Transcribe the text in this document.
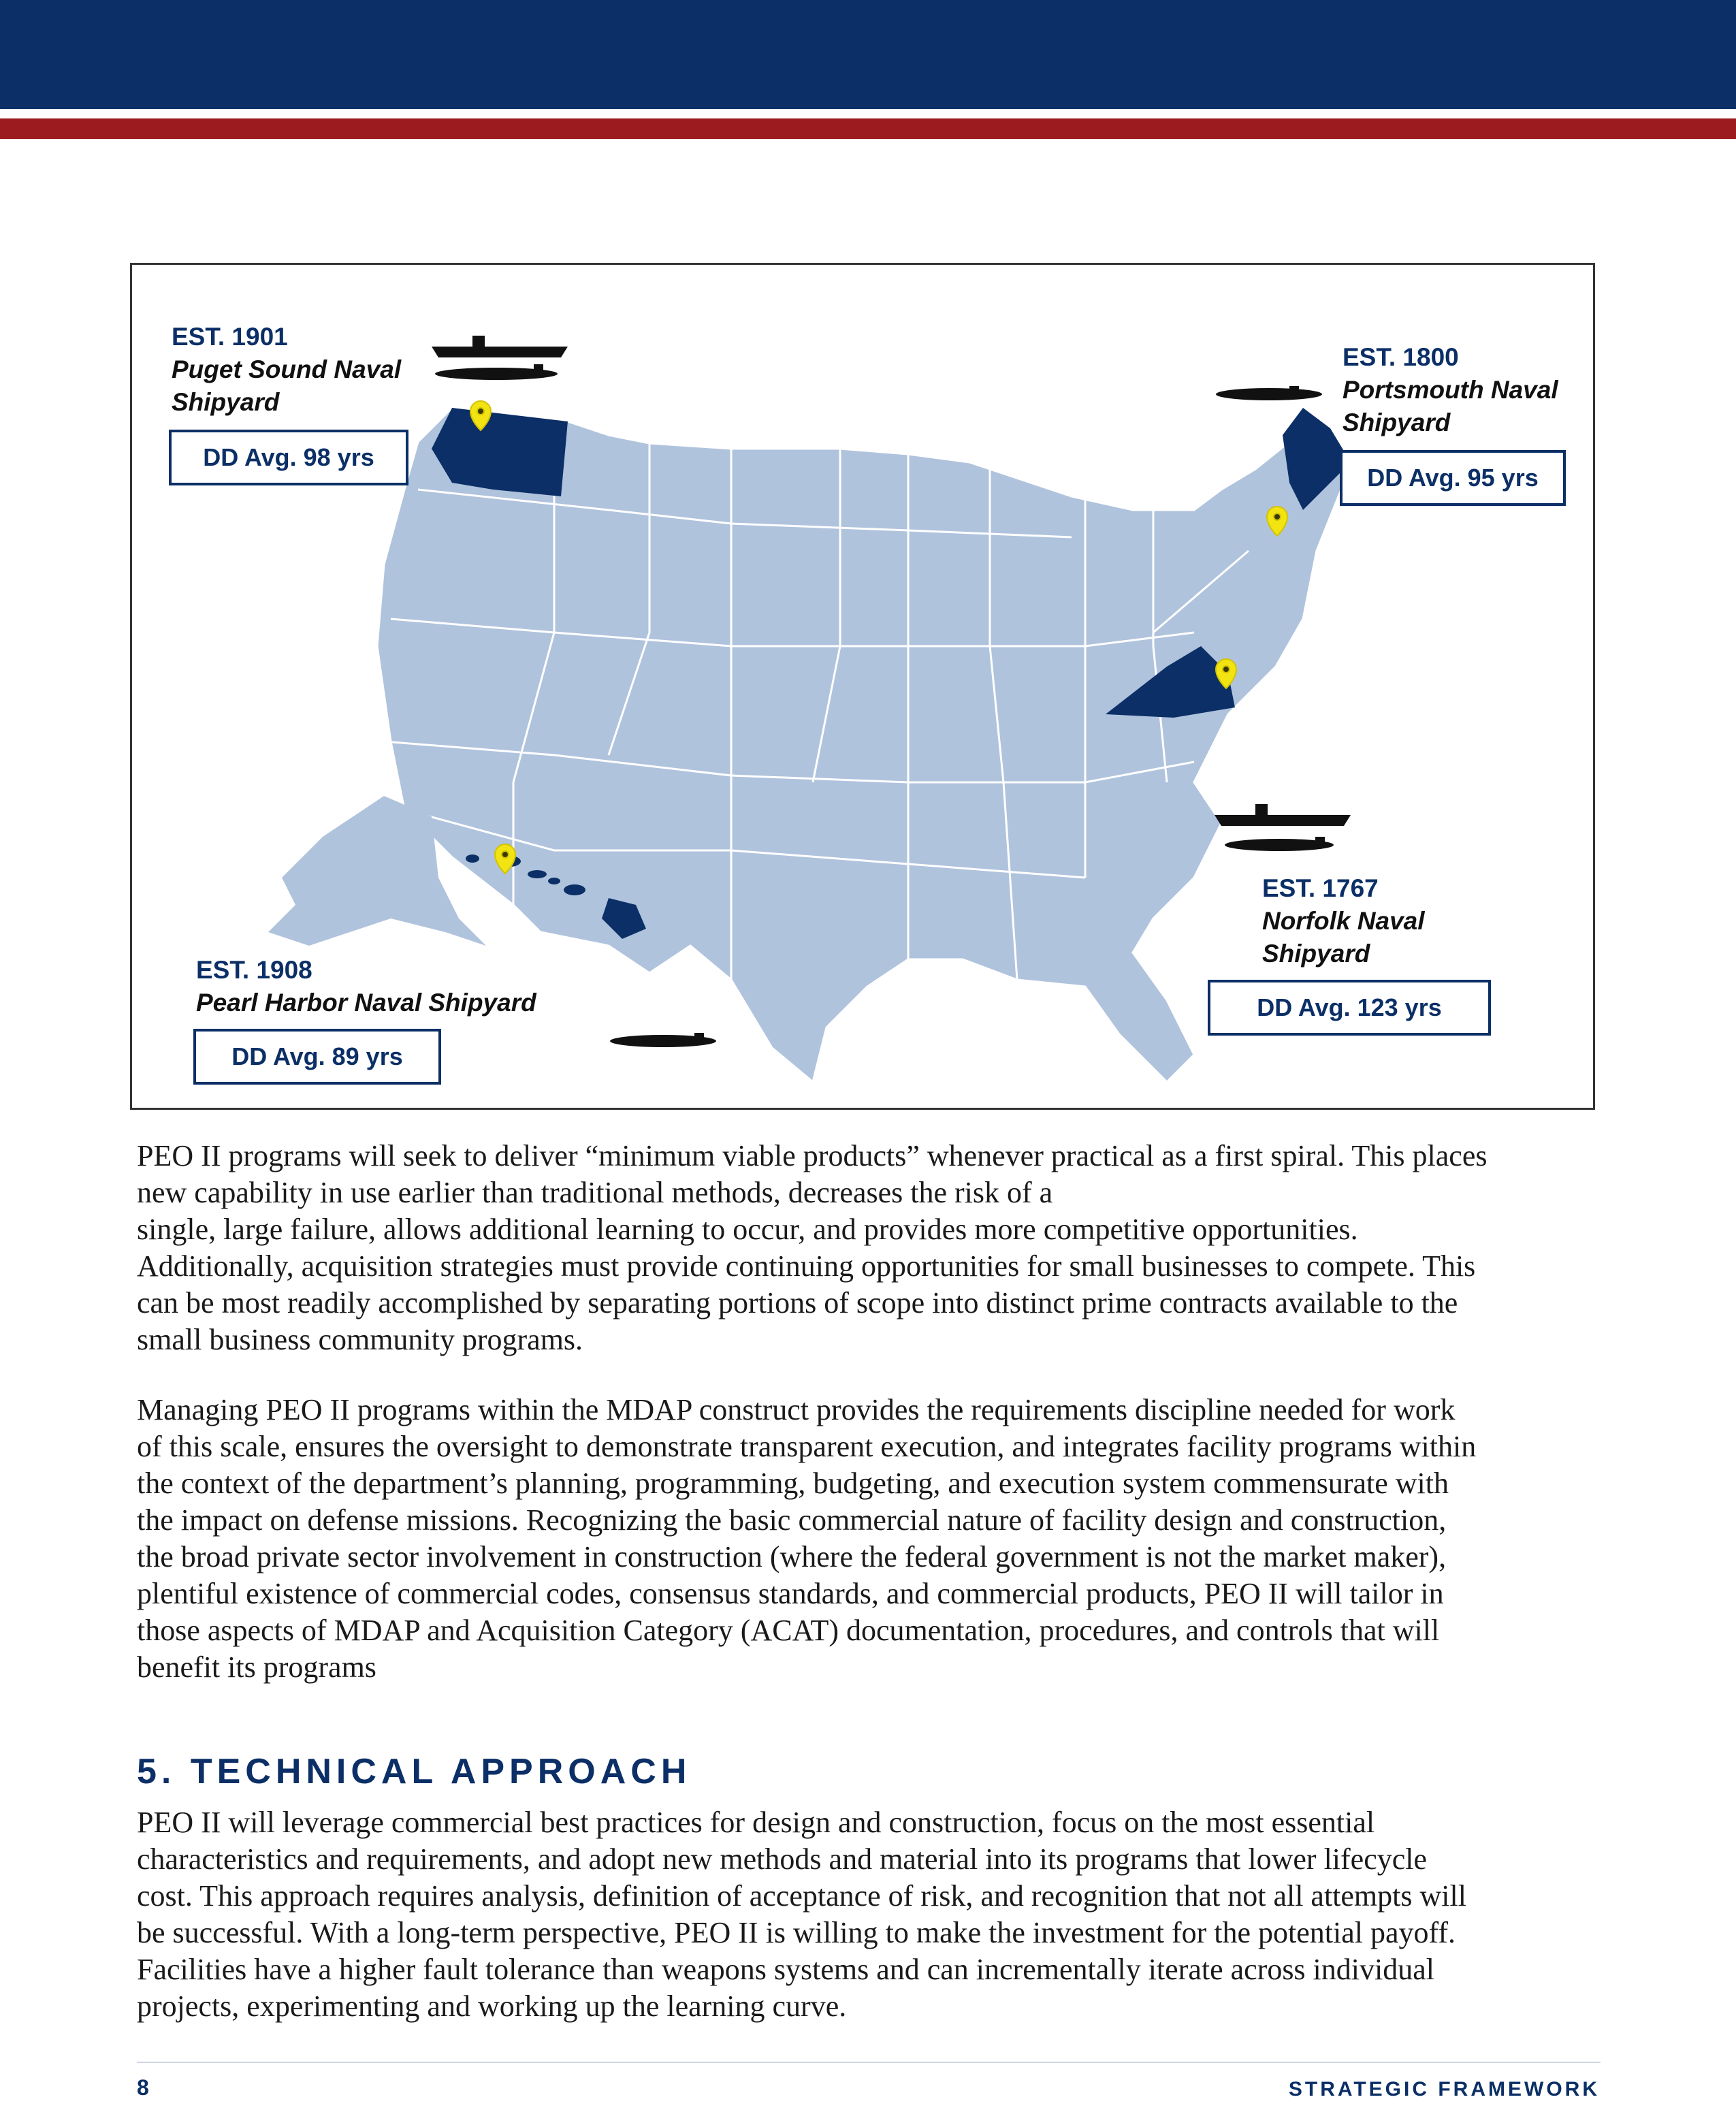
EST. 1901
Puget Sound Naval
Shipyard
DD Avg. 98 yrs
EST. 1800
Portsmouth Naval
Shipyard
DD Avg. 95 yrs
EST. 1767
Norfolk Naval
Shipyard
DD Avg. 123 yrs
EST. 1908
Pearl Harbor Naval Shipyard
DD Avg. 89 yrs

PEO II programs will seek to deliver “minimum viable products” whenever practical as a first spiral. This places

new capability in use earlier than traditional methods, decreases the risk of a

single, large failure, allows additional learning to occur, and provides more competitive opportunities.

Additionally, acquisition strategies must provide continuing opportunities for small businesses to compete. This

can be most readily accomplished by separating portions of scope into distinct prime contracts available to the

small business community programs.

Managing PEO II programs within the MDAP construct provides the requirements discipline needed for work

of this scale, ensures the oversight to demonstrate transparent execution, and integrates facility programs within

the context of the department’s planning, programming, budgeting, and execution system commensurate with

the impact on defense missions. Recognizing the basic commercial nature of facility design and construction,

the broad private sector involvement in construction (where the federal government is not the market maker),

plentiful existence of commercial codes, consensus standards, and commercial products, PEO II will tailor in

those aspects of MDAP and Acquisition Category (ACAT) documentation, procedures, and controls that will

benefit its programs

5. TECHNICAL APPROACH

PEO II will leverage commercial best practices for design and construction, focus on the most essential

characteristics and requirements, and adopt new methods and material into its programs that lower lifecycle

cost. This approach requires analysis, definition of acceptance of risk, and recognition that not all attempts will

be successful. With a long-term perspective, PEO II is willing to make the investment for the potential payoff.

Facilities have a higher fault tolerance than weapons systems and can incrementally iterate across individual

projects, experimenting and working up the learning curve.

8	STRATEGIC FRAMEWORK
